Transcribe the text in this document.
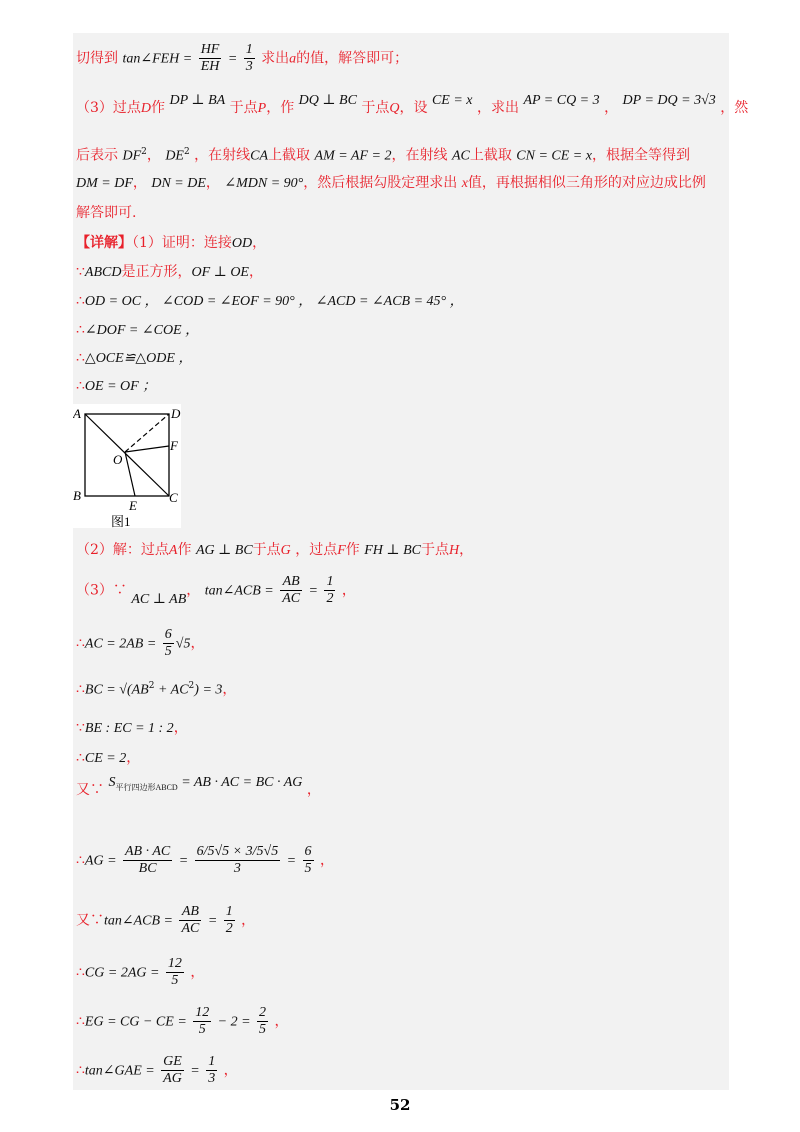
切得到 tan∠FEH = $\frac{HF}{EH} = \frac{1}{3}$ 求出a的值，解答即可；
（3）过点D作 DP ⊥ BA 于点P，作 DQ ⊥ BC 于点Q，设 CE = x ，求出 AP = CQ = 3 ， DP = DQ = 3√3 ，然
后表示 $DF^2$， $DE^2$ ，在射线CA上截取 AM = AF = 2，在射线 AC上截取 CN = CE = x，根据全等得到
DM = DF， DN = DE， ∠MDN = 90°，然后根据勾股定理求出 x值，再根据相似三角形的对应边成比例
解答即可.
【详解】（1）证明：连接OD，
∵ABCD是正方形，OF ⊥ OE，
∴OD = OC ， ∠COD = ∠EOF = 90° ， ∠ACD = ∠ACB = 45° ，
∴∠DOF = ∠COE ，
∴△OCE≌△ODE ，
∴OE = OF ；
A	D
F
O
B	C
E
图1
（2）解：过点A作 AG ⊥ BC于点G ，过点F作 FH ⊥ BC于点H，
（3）∵ AC ⊥ AB， tan∠ACB = $\frac{AB}{AC} = \frac{1}{2}$ ，
∴AC = $2AB = \frac{6}{5} √5$，
∴BC = $√(AB^2 + AC^2) = 3$，
∵BE : EC = 1 : 2，
∴CE = 2，
又∵ $S_{平行四边形ABCD}$ = AB · AC = BC · AG ，
∴AG = $\frac{AB \cdot AC}{BC} = \frac{6/5√5 \times 3/5√5}{3} = \frac{6}{5}$ ，
又∵tan∠ACB = $\frac{AB}{AC} = \frac{1}{2}$ ，
∴CG = $2AG = \frac{12}{5}$ ，
∴EG = CG − CE = $\frac{12}{5} - 2 = \frac{2}{5}$ ，
∴tan∠GAE = $\frac{GE}{AG} = \frac{1}{3}$ ，
52
